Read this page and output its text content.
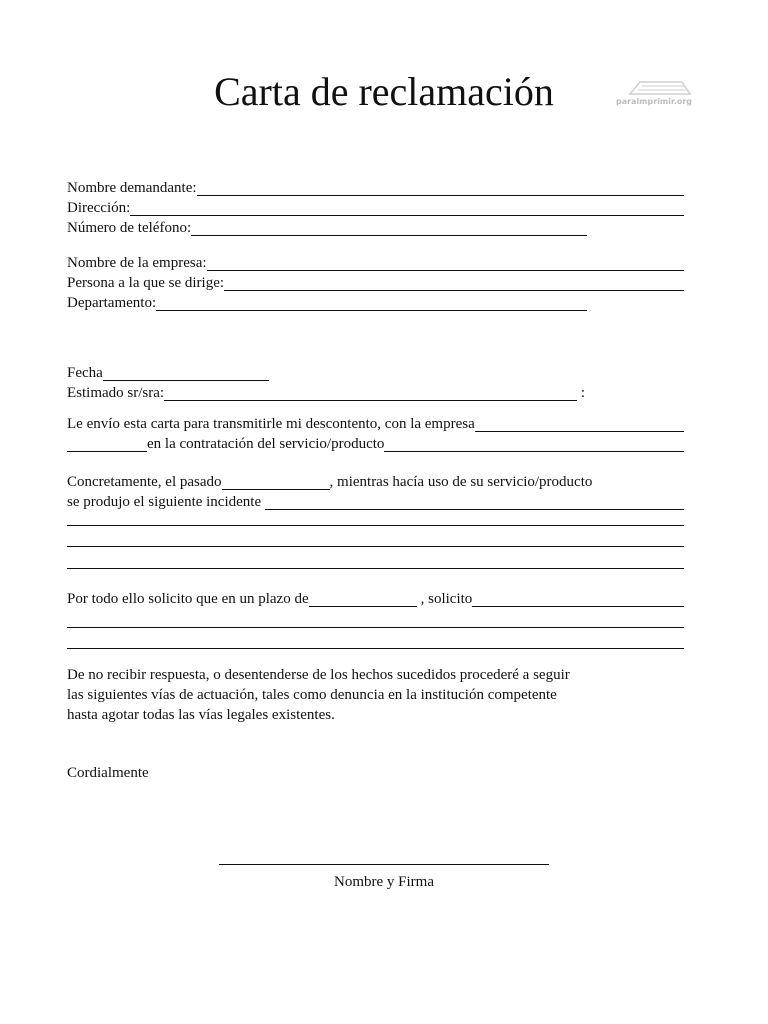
Carta de reclamación	paraimprimir.org
Nombre demandante:
Dirección:
Número de teléfono:
Nombre de la empresa:
Persona a la que se dirige:
Departamento:
Fecha
Estimado sr/sra:	:
Le envío esta carta para transmitirle mi descontento, con la empresa
en la contratación del servicio/producto
Concretamente, el pasado	, mientras hacía uso de su servicio/producto
se produjo el siguiente incidente
Por todo ello solicito que en un plazo de	, solicito
De no recibir respuesta, o desentenderse de los hechos sucedidos procederé a seguir
las siguientes vías de actuación, tales como denuncia en la institución competente
hasta agotar todas las vías legales existentes.
Cordialmente
Nombre y Firma
